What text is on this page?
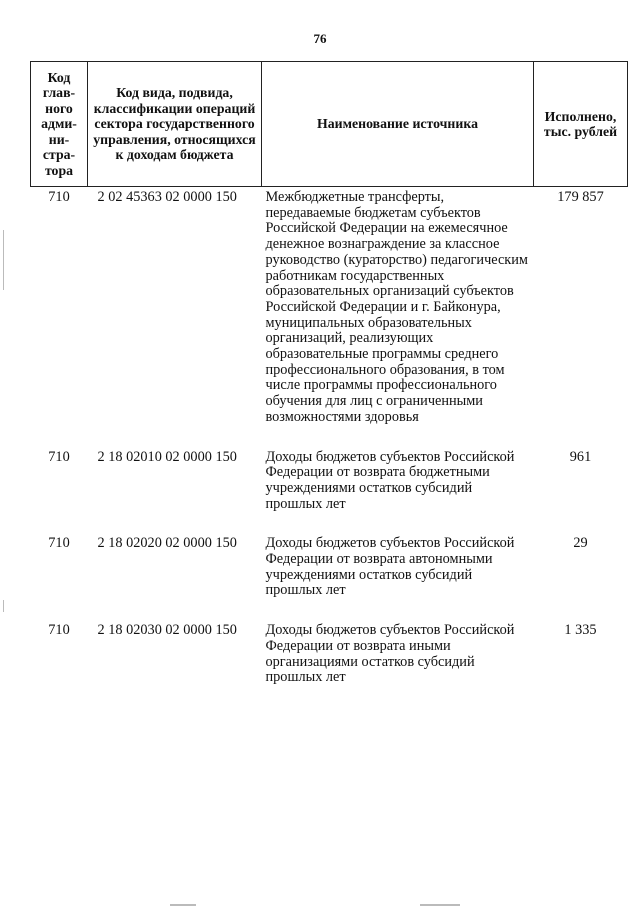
76
Код глав-ного адми-ни-стра-тора	Код вида, подвида, классификации операций сектора государственного управления, относящихся к доходам бюджета	Наименование источника	Исполнено, тыс. рублей
710	2 02 45363 02 0000 150	Межбюджетные трансферты, передаваемые бюджетам субъектов Российской Федерации на ежемесячное денежное вознаграждение за классное руководство (кураторство) педагогическим работникам государственных образовательных организаций субъектов Российской Федерации и г. Байконура, муниципальных образовательных организаций, реализующих образовательные программы среднего профессионального образования, в том числе программы профессионального обучения для лиц с ограниченными возможностями здоровья	179 857
710	2 18 02010 02 0000 150	Доходы бюджетов субъектов Российской Федерации от возврата бюджетными учреждениями остатков субсидий прошлых лет	961
710	2 18 02020 02 0000 150	Доходы бюджетов субъектов Российской Федерации от возврата автономными учреждениями остатков субсидий прошлых лет	29
710	2 18 02030 02 0000 150	Доходы бюджетов субъектов Российской Федерации от возврата иными организациями остатков субсидий прошлых лет	1 335
